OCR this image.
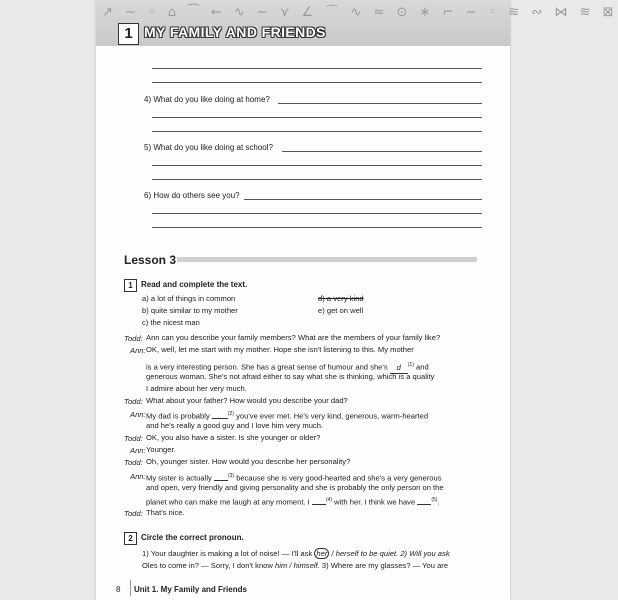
↗ ∼ ◦ ⌂ ⁀ ← ∿ ~ ⋎ ∠ ⌒ ∿ ≈ ⊙ ∗ ⌐ ∼ ◦ ≋ ∾ ⋈ ≋ ⊠
1 MY FAMILY AND FRIENDS
4) What do you like doing at home?
5) What do you like doing at school?
6) How do others see you?
Lesson 3
1	Read and complete the text.
a) a lot of things in common
b) quite similar to my mother
c) the nicest man
d) a very kind
e) get on well
Todd: Ann can you describe your family members? What are the members of your family like?
Ann: OK, well, let me start with my mother. Hope she isn't listening to this. My mother
is a very interesting person. She has a great sense of humour and she's d $^{(1)}$ and
generous woman. She's not afraid either to say what she is thinking, which is a quality
I admire about her very much.
Todd: What about your father? How would you describe your dad?
Ann: My dad is probably	$^{(2)}$ you've ever met. He's very kind, generous, warm-hearted
and he's really a good guy and I love him very much.
Todd: OK, you also have a sister. Is she younger or older?
Ann: Younger.
Todd: Oh, younger sister. How would you describe her personality?
Ann: My sister is actually	$^{(3)}$ because she is very good-hearted and she's a very generous
and open, very friendly and giving personality and she is probably the only person on the
planet who can make me laugh at any moment. I	$^{(4)}$ with her. I think we have	$^{(5)}$.
Todd: That's nice.
2	Circle the correct pronoun.
1) Your daughter is making a lot of noise! — I'll ask her / herself to be quiet. 2) Will you ask
Oles to come in? — Sorry, I don't know him / himself. 3) Where are my glasses? — You are
8 Unit 1. My Family and Friends
